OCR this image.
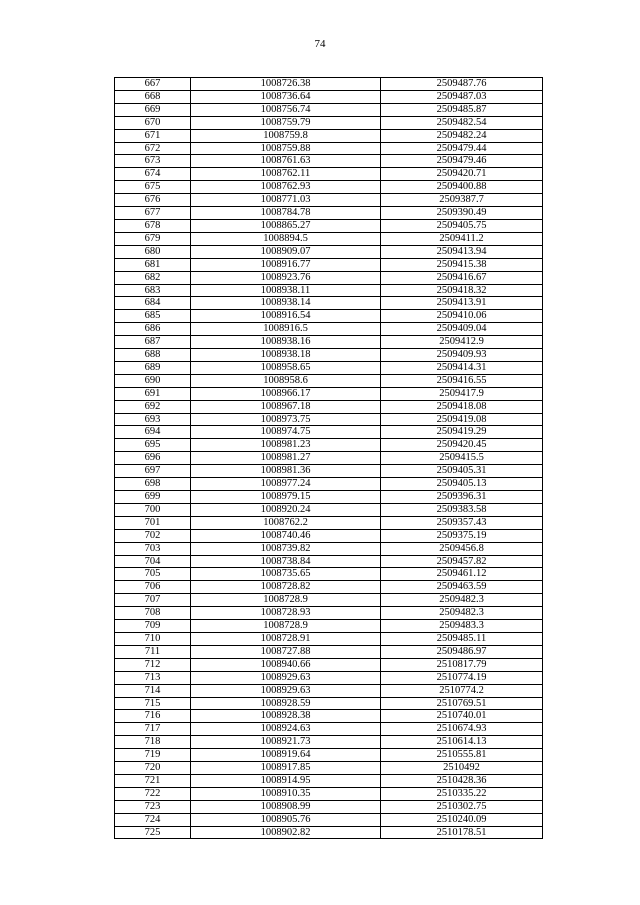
74
667	1008726.38	2509487.76
668	1008736.64	2509487.03
669	1008756.74	2509485.87
670	1008759.79	2509482.54
671	1008759.8	2509482.24
672	1008759.88	2509479.44
673	1008761.63	2509479.46
674	1008762.11	2509420.71
675	1008762.93	2509400.88
676	1008771.03	2509387.7
677	1008784.78	2509390.49
678	1008865.27	2509405.75
679	1008894.5	2509411.2
680	1008909.07	2509413.94
681	1008916.77	2509415.38
682	1008923.76	2509416.67
683	1008938.11	2509418.32
684	1008938.14	2509413.91
685	1008916.54	2509410.06
686	1008916.5	2509409.04
687	1008938.16	2509412.9
688	1008938.18	2509409.93
689	1008958.65	2509414.31
690	1008958.6	2509416.55
691	1008966.17	2509417.9
692	1008967.18	2509418.08
693	1008973.75	2509419.08
694	1008974.75	2509419.29
695	1008981.23	2509420.45
696	1008981.27	2509415.5
697	1008981.36	2509405.31
698	1008977.24	2509405.13
699	1008979.15	2509396.31
700	1008920.24	2509383.58
701	1008762.2	2509357.43
702	1008740.46	2509375.19
703	1008739.82	2509456.8
704	1008738.84	2509457.82
705	1008735.65	2509461.12
706	1008728.82	2509463.59
707	1008728.9	2509482.3
708	1008728.93	2509482.3
709	1008728.9	2509483.3
710	1008728.91	2509485.11
711	1008727.88	2509486.97
712	1008940.66	2510817.79
713	1008929.63	2510774.19
714	1008929.63	2510774.2
715	1008928.59	2510769.51
716	1008928.38	2510740.01
717	1008924.63	2510674.93
718	1008921.73	2510614.13
719	1008919.64	2510555.81
720	1008917.85	2510492
721	1008914.95	2510428.36
722	1008910.35	2510335.22
723	1008908.99	2510302.75
724	1008905.76	2510240.09
725	1008902.82	2510178.51
